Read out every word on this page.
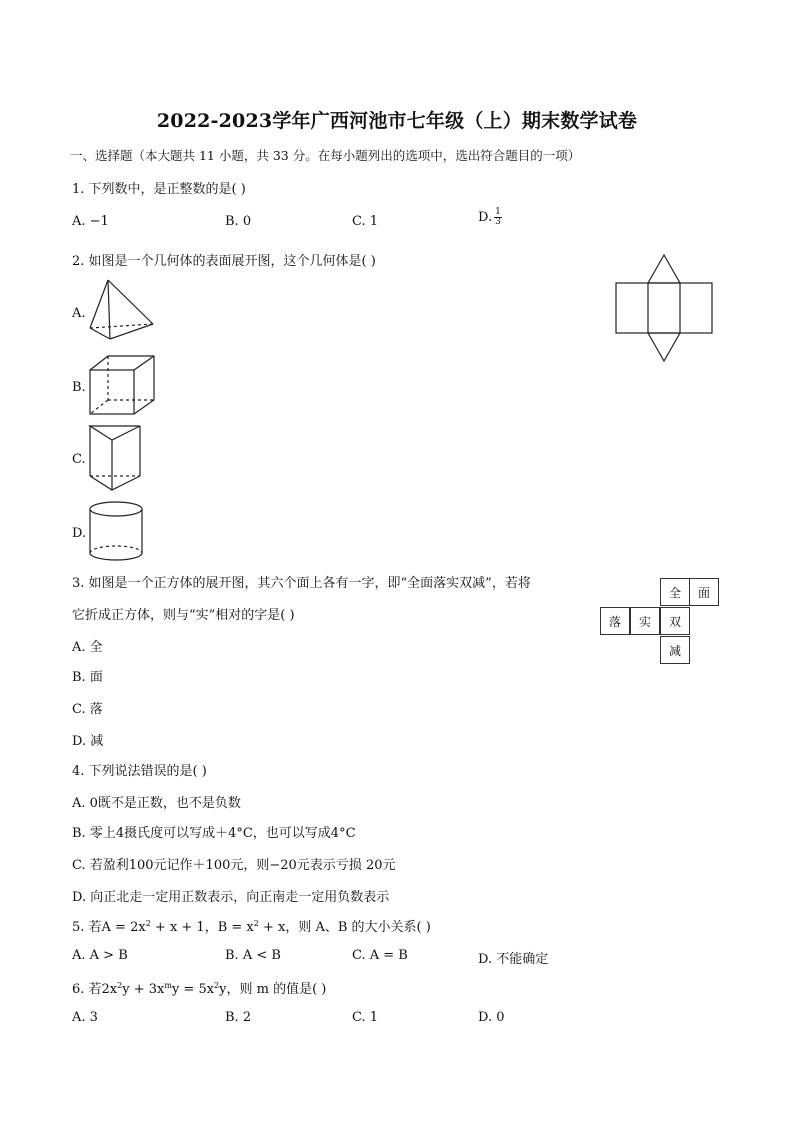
2022-2023学年广西河池市七年级（上）期末数学试卷
一、选择题（本大题共 11 小题，共 33 分。在每小题列出的选项中，选出符合题目的一项）
1. 下列数中，是正整数的是( )
A. −1	B. 0	C. 1	D. $\frac{1}{3}$
2. 如图是一个几何体的表面展开图，这个几何体是( )
A.
B.
C.
D.
3. 如图是一个正方体的展开图，其六个面上各有一字，即“全面落实双减”，若将
它折成正方体，则与“实”相对的字是( )
全	面
落	实	双
减
A. 全
B. 面
C. 落
D. 减
4. 下列说法错误的是( )
A. 0既不是正数，也不是负数
B. 零上4摄氏度可以写成＋4°C，也可以写成4°C
C. 若盈利100元记作＋100元，则−20元表示亏损 20元
D. 向正北走一定用正数表示，向正南走一定用负数表示
5. 若$A = 2x^2 + x + 1$，$B = x^2 + x$，则 A、B 的大小关系( )
A. A > B	B. A < B	C. A = B	D. 不能确定
6. 若$2x^2y + 3x^my = 5x^2y$，则 m 的值是( )
A. 3	B. 2	C. 1	D. 0
